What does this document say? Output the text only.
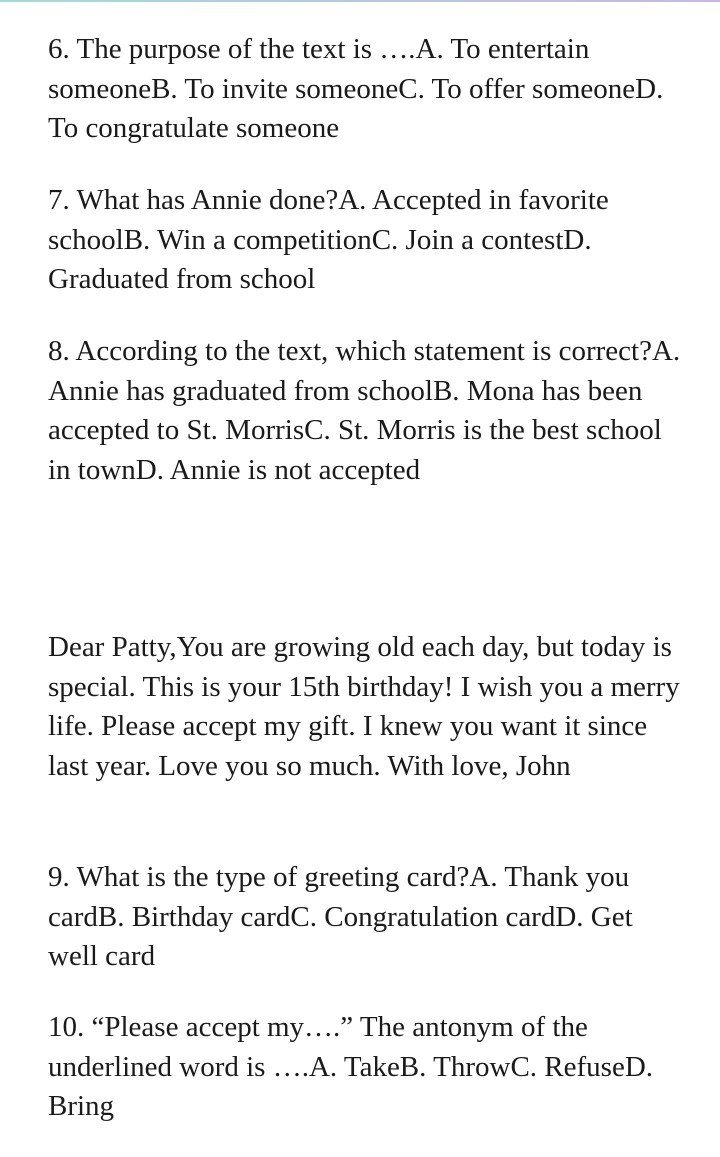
6. The purpose of the text is ….A. To entertain someoneB. To invite someoneC. To offer someoneD. To congratulate someone

7. What has Annie done?A. Accepted in favorite schoolB. Win a competitionC. Join a contestD. Graduated from school

8. According to the text, which statement is correct?A. Annie has graduated from schoolB. Mona has been accepted to St. MorrisC. St. Morris is the best school in townD. Annie is not accepted

Dear Patty,You are growing old each day, but today is special. This is your 15th birthday! I wish you a merry life. Please accept my gift. I knew you want it since last year. Love you so much. With love, John

9. What is the type of greeting card?A. Thank you cardB. Birthday cardC. Congratulation cardD. Get well card

10. “Please accept my….” The antonym of the underlined word is ….A. TakeB. ThrowC. RefuseD. Bring
